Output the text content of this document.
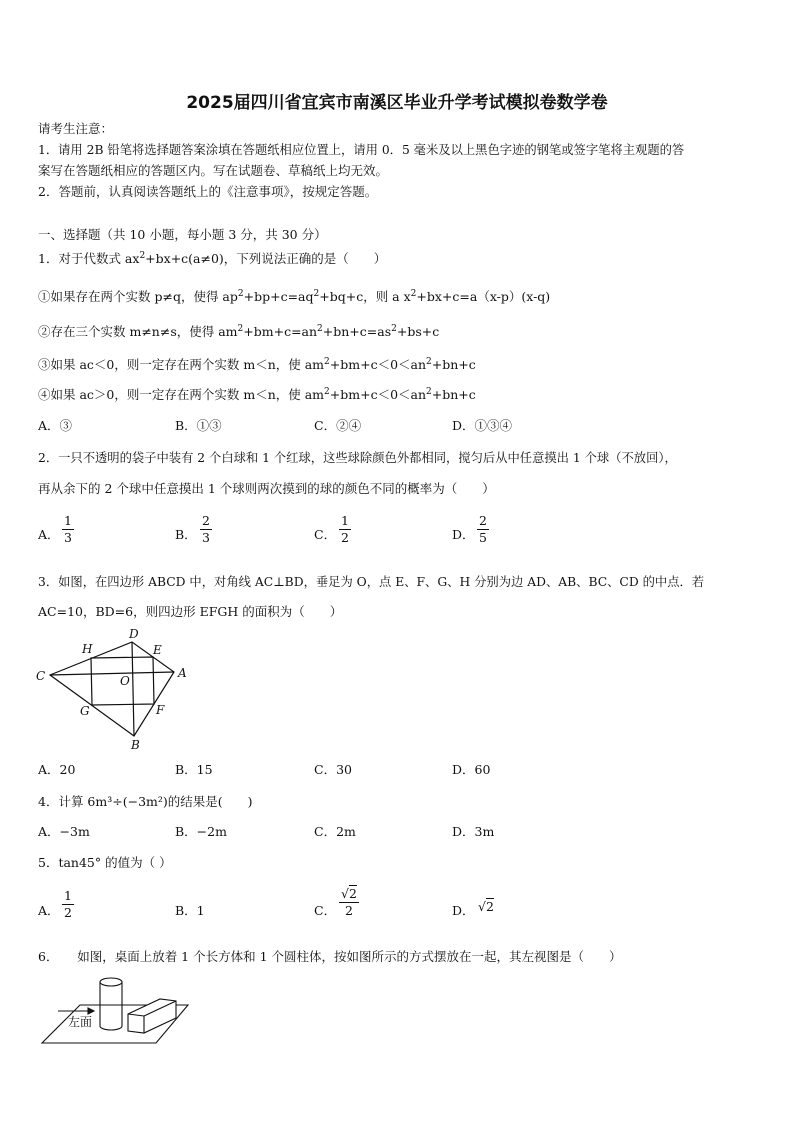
2025届四川省宜宾市南溪区毕业升学考试模拟卷数学卷
请考生注意：
1．请用 2B 铅笔将选择题答案涂填在答题纸相应位置上，请用 0．5 毫米及以上黑色字迹的钢笔或签字笔将主观题的答
案写在答题纸相应的答题区内。写在试题卷、草稿纸上均无效。
2．答题前，认真阅读答题纸上的《注意事项》，按规定答题。
一、选择题（共 10 小题，每小题 3 分，共 30 分）
1．对于代数式 $ax^2+bx+c(a\ne 0)$，下列说法正确的是（　　）
①如果存在两个实数 p≠q，使得 $ap^2+bp+c=aq^2+bq+c$，则 a $x^2+bx+c=a(x-p)(x-q)$
②存在三个实数 m≠n≠s，使得 $am^2+bm+c=an^2+bn+c=as^2+bs+c$
③如果 ac＜0，则一定存在两个实数 m＜n，使 $am^2+bm+c<0<an^2+bn+c$
④如果 ac＞0，则一定存在两个实数 m＜n，使 $am^2+bm+c<0<an^2+bn+c$
A．③	B．①③	C．②④	D．①③④
2．一只不透明的袋子中装有 2 个白球和 1 个红球，这些球除颜色外都相同，搅匀后从中任意摸出 1 个球（不放回），
再从余下的 2 个球中任意摸出 1 个球则两次摸到的球的颜色不同的概率为（　　）
A． $\frac{1}{3}$	B． $\frac{2}{3}$	C． $\frac{1}{2}$	D． $\frac{2}{5}$
3．如图，在四边形 ABCD 中，对角线 AC⊥BD，垂足为 O，点 E、F、G、H 分别为边 AD、AB、BC、CD 的中点．若
AC=10，BD=6，则四边形 EFGH 的面积为（　　）
D
H	E
C	O
A
G	F
B
A．20	B．15	C．30	D．60
4．计算 6m³÷(−3m²)的结果是(　　)
A．−3m	B．−2m	C．2m	D．3m
5．tan45° 的值为（ ）
A． $\frac{1}{2}$	B．1	C． $\frac{√2}{2}$	D． √2
6．　　如图，桌面上放着 1 个长方体和 1 个圆柱体，按如图所示的方式摆放在一起，其左视图是（　　）
左面
